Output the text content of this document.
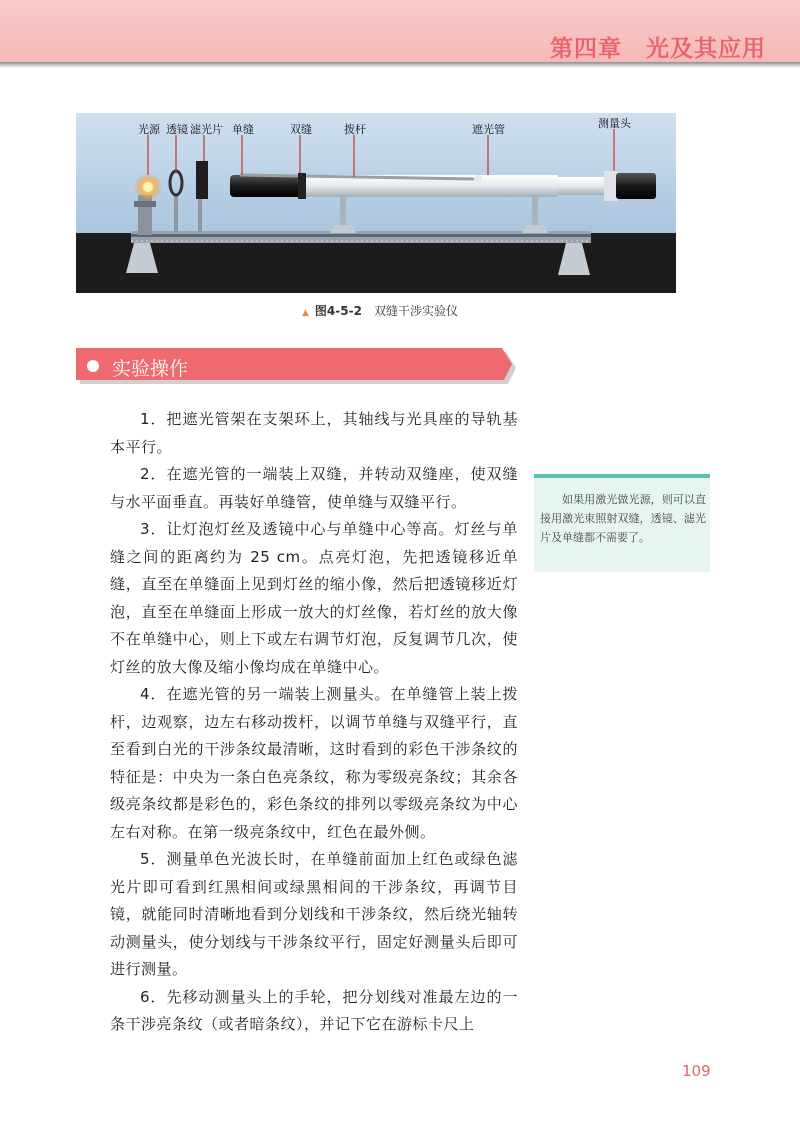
第四章　光及其应用
光源 透镜 滤光片 单缝	双缝	拨杆	遮光管	测量头
▲ 图4-5-2 双缝干涉实验仪
实验操作

1．把遮光管架在支架环上，其轴线与光具座的导轨基本平行。

2．在遮光管的一端装上双缝，并转动双缝座，使双缝与水平面垂直。再装好单缝管，使单缝与双缝平行。

3．让灯泡灯丝及透镜中心与单缝中心等高。灯丝与单缝之间的距离约为 25 cm。点亮灯泡，先把透镜移近单缝，直至在单缝面上见到灯丝的缩小像，然后把透镜移近灯泡，直至在单缝面上形成一放大的灯丝像，若灯丝的放大像不在单缝中心，则上下或左右调节灯泡，反复调节几次，使灯丝的放大像及缩小像均成在单缝中心。

4．在遮光管的另一端装上测量头。在单缝管上装上拨杆，边观察，边左右移动拨杆，以调节单缝与双缝平行，直至看到白光的干涉条纹最清晰，这时看到的彩色干涉条纹的特征是：中央为一条白色亮条纹，称为零级亮条纹；其余各级亮条纹都是彩色的，彩色条纹的排列以零级亮条纹为中心左右对称。在第一级亮条纹中，红色在最外侧。

5．测量单色光波长时，在单缝前面加上红色或绿色滤光片即可看到红黑相间或绿黑相间的干涉条纹，再调节目镜，就能同时清晰地看到分划线和干涉条纹，然后绕光轴转动测量头，使分划线与干涉条纹平行，固定好测量头后即可进行测量。

6．先移动测量头上的手轮，把分划线对准最左边的一条干涉亮条纹（或者暗条纹），并记下它在游标卡尺上

如果用激光做光源，则可以直接用激光束照射双缝，透镜、滤光片及单缝都不需要了。
109
